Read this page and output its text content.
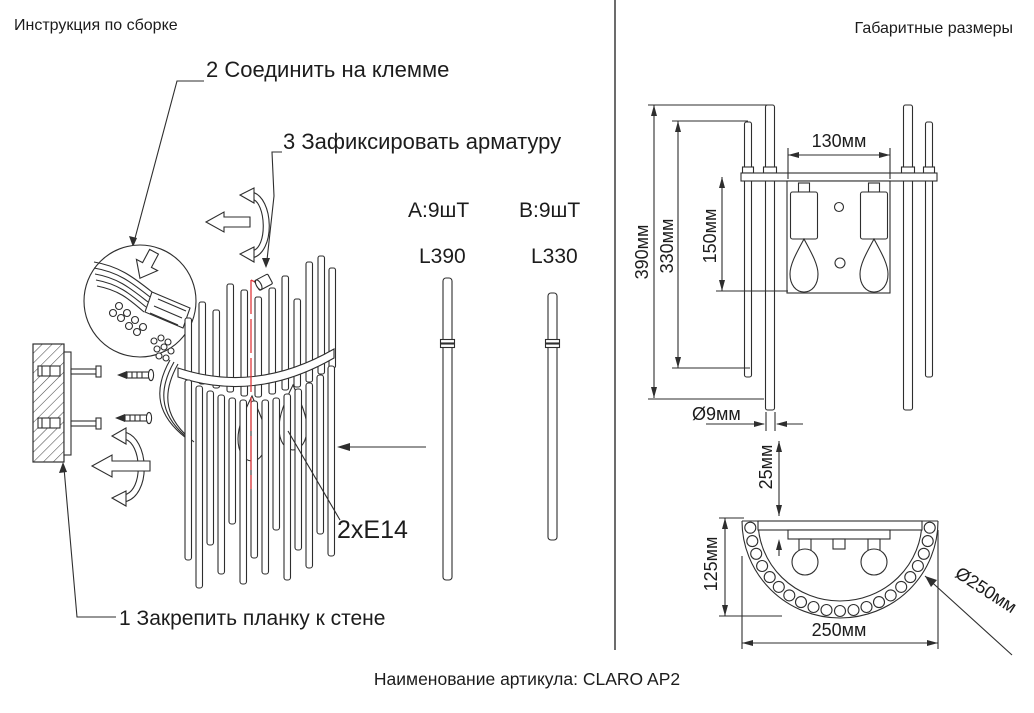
Инструкция по сборке	Габаритные размеры
2 Соединить на клемме
3 Зафиксировать арматуру
1 Закрепить планку к стене
А:9шТ В:9шТ
L390	L330
2хЕ14
390мм 330мм 150мм
130мм
Ø9мм
25мм
125мм	Ø250мм
250мм
Наименование артикула: CLARO AP2
